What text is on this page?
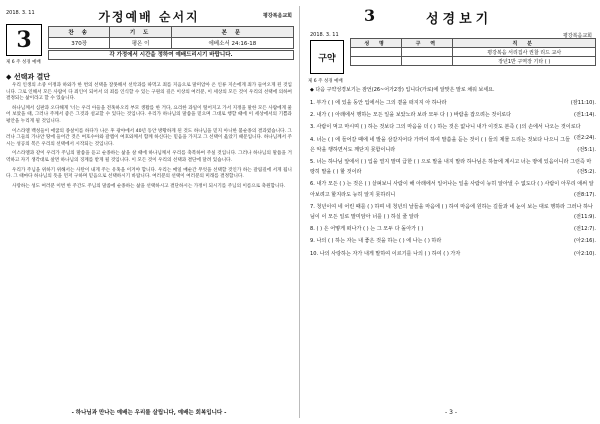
2018. 3. 11	가정예배 순서지	평강복음교회
3
제 6 주 성경 예배
찬 송	기 도	본 문
370장	평온 이	에베소서 24:16-18
각 가정에서 시간을 정하여 예배드리시기 바랍니다.
◆ 선택과 결단

우리 인생의 소중 이정과 하와가 한 번의 선택을 잘못해서 선악과를 따먹고 죄를 지음으로 말미암아 온 인류 지손에게 죄가 들어오게 된 것입니다. 그로 인해서 모든 사람이 다 죄인이 되어서 의 죄를 인식할 수 있는 구원의 길은 이상의 여러분, 이 세상의 모든 것이 우리의 선택에 의하여 결정되는 삶이라고 할 수 있습니다.

하나님께서 심판과 오다해게 '너는 우리 아들을 전혹하오리 부모 생활를 한 거다, 요리한 과일이 떨어지고 가서 지정을 말한 모든 사람에게 물어 보았을 때, 그러나 주께서 좋은 그것과 설교할 수 있다는 것입니다. 우리가 하나님의 말씀을 믿으며 그대로 행할 때에 이 세상에서의 기쁨과 평안을 누리게 될 것입니다.

이스라엘 백성들이 애굽의 종살이를 하다가 나온 후 광야에서 40년 동안 방황하게 된 것도 하나님을 믿지 아니한 불순종의 결과였습니다. 그러나 그들의 가나안 땅에 들어간 것은 여호수아와 갈렙이 여호와께서 함께 하신다는 믿음을 가지고 그 선택이 옳았기 때문입니다. 하나님께서 주시는 성공의 복은 우리의 선택에서 시작되는 것입니다.

이스라엘과 같이 우리가 주님의 말씀을 듣고 순종하는 삶을 살 때에 하나님께서 우리를 축복하여 주실 것입니다. 그러나 하나님의 말씀을 거역하고 자기 생각대로 살면 하나님의 징계를 받게 될 것입니다. 이 모든 것이 우리의 선택과 결단에 달려 있습니다.

우리가 주님을 위하기 위해서는 사탄이 내게 주는 유혹을 이겨야 합니다. 우리는 매일 매순간 무엇을 선택할 것인가 하는 갈림길에 서게 됩니다. 그 때마다 하나님의 뜻을 먼저 구하며 믿음으로 선택하시기 바랍니다. 여러분의 선택이 여러분의 미래를 결정합니다.

사랑하는 성도 여러분 이번 한 주간도 주님의 말씀에 순종하는 삶을 선택하시고 결단하시는 가정이 되시기를 주님의 이름으로 축원합니다.

- 하나님과 만나는 예배는 우리를 살립니다, 예배는 회복입니다 -
3	성경보기
2018. 3. 11	평강복음교회
구약
제 6 주 성경 예배
성 명	구 역	직 분
		평강복음 서리집사 권찰 리드 교사
		장년1반 구역장 기타 ( )
◆ 다음 구약성경보기는 잠언(26~어가2장) 입니다(가로)에 알맞은 말로 채워 보세요.
1. 부가 ( ) 에 있을 동안 입에서는 그의 곁을 떠지지 아 하나라	(잠11:10).
2. 내가 ( ) 아래에서 행하는 모든 일을 보았노라 보라 모두 다 ( ) 바람을 잡으려는 것이로다	(전1:14).
3. 사람이 먹고 마시며 ( ) 하는 것보다 그의 마음을 더 ( ) 하는 것은 없나니 내가 이것도 본즉 ( )의 손에서 나오는 것이로다
(전2:24).
4. 너는 ( ) 에 들어갈 때에 네 발을 삼갈지어다 가까이 하여 말씀을 듣는 것이 ( ) 들의 제물 드리는 것보다 나으니 그들은 악을 행하면서도 깨닫지 못함이니라	(전5:1).
5. 너는 하나님 앞에서 ( ) 입을 열지 말며 급한 ( ) 으로 말을 내지 말라 하나님은 하늘에 계시고 너는 땅에 있음이니라 그런즉 마땅히 말을 ( ) 할 것이라	(전5:2).
6. 내가 모든 ( ) 는 것은 ( ) 살펴보니 사람이 해 아래에서 일어나는 일을 사람이 능히 알아낼 수 없도다 ( ) 사람이 아무리 애써 알아보려고 할지라도 능히 알지 못하리니	(전8:17).
7. 청년이여 네 어린 때를 ( ) 하며 네 청년의 날들을 마음에 ( ) 하여 마음에 원하는 길들과 네 눈이 보는 대로 행하라 그러나 하나님이 이 모든 일로 말미암아 너를 ( ) 하실 줄 알라	(전11:9).
8. ( ) 은 어떻게 떠나가 ( ) 는 그 모두 다 돌아가 ( )	(전12:7).
9. 나의 ( ) 하는 자는 내 좋은 것을 하는 ( ) 에 나는 ( ) 하라	(아2:16).
10. 나의 사랑하는 자가 내게 말하여 이르기를 나의 ( ) 하여 ( ) 가자	(아2:10).
- 3 -
